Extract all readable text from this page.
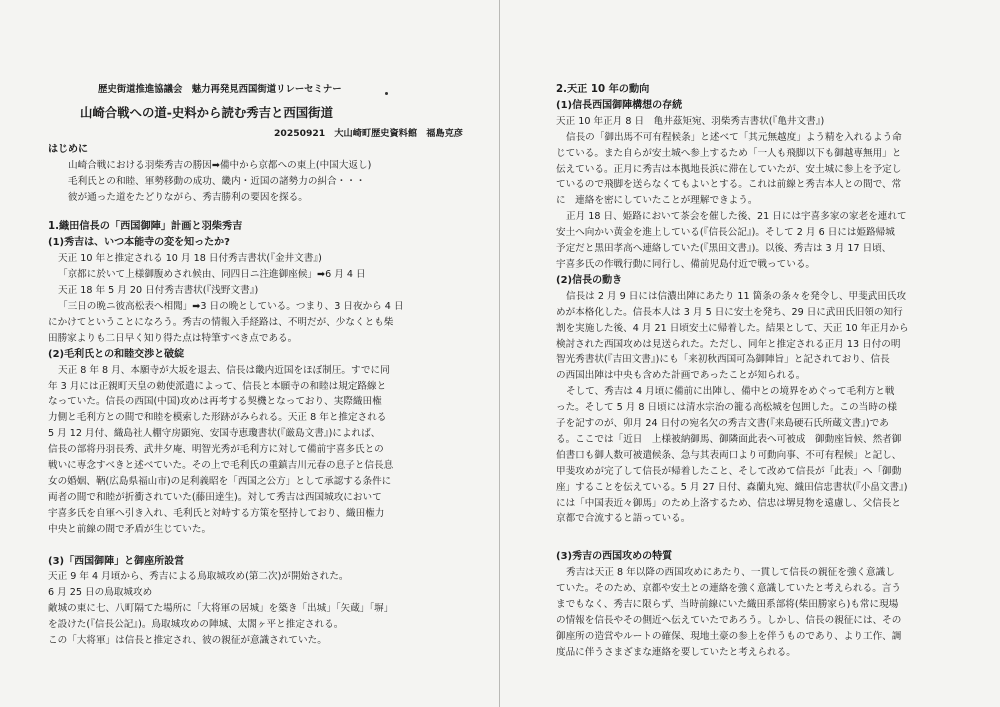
歴史街道推進協議会　魅力再発見西国街道リレーセミナー
山崎合戦への道-史料から読む秀吉と西国街道
20250921　大山崎町歴史資料館　福島克彦
はじめに
山崎合戦における羽柴秀吉の勝因➡備中から京都への東上(中国大返し)
毛利氏との和睦、軍勢移動の成功、畿内・近国の諸勢力の糾合・・・
彼が通った道をたどりながら、秀吉勝利の要因を探る。
1.織田信長の「西国御陣」計画と羽柴秀吉
(1)秀吉は、いつ本能寺の変を知ったか?
天正 10 年と推定される 10 月 18 日付秀吉書状(『金井文書』)
「京都に於いて上様御腹めされ候由、同四日ニ注進御座候」➡6 月 4 日
天正 18 年 5 月 20 日付秀吉書状(『浅野文書』)
「三日の晩ニ彼高松表へ相聞」➡3 日の晩としている。つまり、3 日夜から 4 日
にかけてということになろう。秀吉の情報入手経路は、不明だが、少なくとも柴
田勝家よりも二日早く知り得た点は特筆すべき点である。
(2)毛利氏との和睦交渉と破綻
天正 8 年 8 月、本願寺が大坂を退去、信長は畿内近国をほぼ制圧。すでに同
年 3 月には正親町天皇の勅使派遣によって、信長と本願寺の和睦は規定路線と
なっていた。信長の西国(中国)攻めは再考する契機となっており、実際織田権
力側と毛利方との間で和睦を模索した形跡がみられる。天正 8 年と推定される
5 月 12 月付、織島社人棚守房顕宛、安国寺恵瓊書状(『厳島文書』)によれば、
信長の部将丹羽長秀、武井夕庵、明智光秀が毛利方に対して備前宇喜多氏との
戦いに専念すべきと述べていた。その上で毛利氏の重鎮吉川元春の息子と信長息
女の婚姻、鞆(広島県福山市)の足利義昭を「西国之公方」として承認する条件に
両者の間で和睦が折衝されていた(藤田達生)。対して秀吉は西国城攻において
宇喜多氏を自軍へ引き入れ、毛利氏と対峙する方策を堅持しており、織田権力
中央と前線の間で矛盾が生じていた。
(3)「西国御陣」と御座所設営
天正 9 年 4 月頃から、秀吉による鳥取城攻め(第二次)が開始された。
6 月 25 日の鳥取城攻め
敵城の東に七、八町隔てた場所に「大将軍の居城」を築き「出城」「矢蔵」「塀」
を設けた(『信長公記』)。鳥取城攻めの陣城、太閤ヶ平と推定される。
この「大将軍」は信長と推定され、彼の親征が意識されていた。
2.天正 10 年の動向
(1)信長西国御陣構想の存続
天正 10 年正月 8 日　亀井茲矩宛、羽柴秀吉書状(『亀井文書』)
信長の「御出馬不可有程候条」と述べて「其元無越度」よう精を入れるよう命
じている。また自らが安土城へ参上するため「一人も飛脚以下も御越専無用」と
伝えている。正月に秀吉は本拠地長浜に滞在していたが、安土城に参上を予定し
ているので飛脚を送らなくてもよいとする。これは前線と秀吉本人との間で、常
に　連絡を密にしていたことが理解できよう。
正月 18 日、姫路において茶会を催した後、21 日には宇喜多家の家老を連れて
安土へ向かい黄金を進上している(『信長公記』)。そして 2 月 6 日には姫路帰城
予定だと黒田孝高へ連絡していた(『黒田文書』)。以後、秀吉は 3 月 17 日頃、
宇喜多氏の作戦行動に同行し、備前児島付近で戦っている。
(2)信長の動き
信長は 2 月 9 日には信濃出陣にあたり 11 箇条の条々を発令し、甲斐武田氏攻
めが本格化した。信長本人は 3 月 5 日に安土を発ち、29 日に武田氏旧領の知行
割を実施した後、4 月 21 日頃安土に帰着した。結果として、天正 10 年正月から
検討された西国攻めは見送られた。ただし、同年と推定される正月 13 日付の明
智光秀書状(『吉田文書』)にも「来初秋西国可為御陣旨」と記されており、信長
の西国出陣は中央も含めた計画であったことが知られる。
そして、秀吉は 4 月頃に備前に出陣し、備中との境界をめぐって毛利方と戦
った。そして 5 月 8 日頃には清水宗治の籠る高松城を包囲した。この当時の様
子を記すのが、卯月 24 日付の宛名欠の秀吉文書(『来島硬石氏所蔵文書』)であ
る。ここでは「近日　上様被納御馬、御隣面此表へ可被成　御動座旨候、然者御
伯書口も御人数可被遣候条、急与其表両口より可動向事、不可有程候」と記し、
甲斐攻めが完了して信長が帰着したこと、そして改めて信長が「此表」へ「御動
座」することを伝えている。5 月 27 日付、森蘭丸宛、織田信忠書状(『小畠文書』)
には「中国表近々御馬」のため上洛するため、信忠は堺見物を遠慮し、父信長と
京都で合流すると語っている。
(3)秀吉の西国攻めの特質
秀吉は天正 8 年以降の西国攻めにあたり、一貫して信長の親征を強く意識し
ていた。そのため、京都や安土との連絡を強く意識していたと考えられる。言う
までもなく、秀吉に限らず、当時前線にいた織田系部将(柴田勝家ら)も常に現場
の情報を信長やその側近へ伝えていたであろう。しかし、信長の親征には、その
御座所の造営やルートの確保、現地土豪の参上を伴うものであり、より工作、調
度品に伴うさまざまな連絡を要していたと考えられる。
